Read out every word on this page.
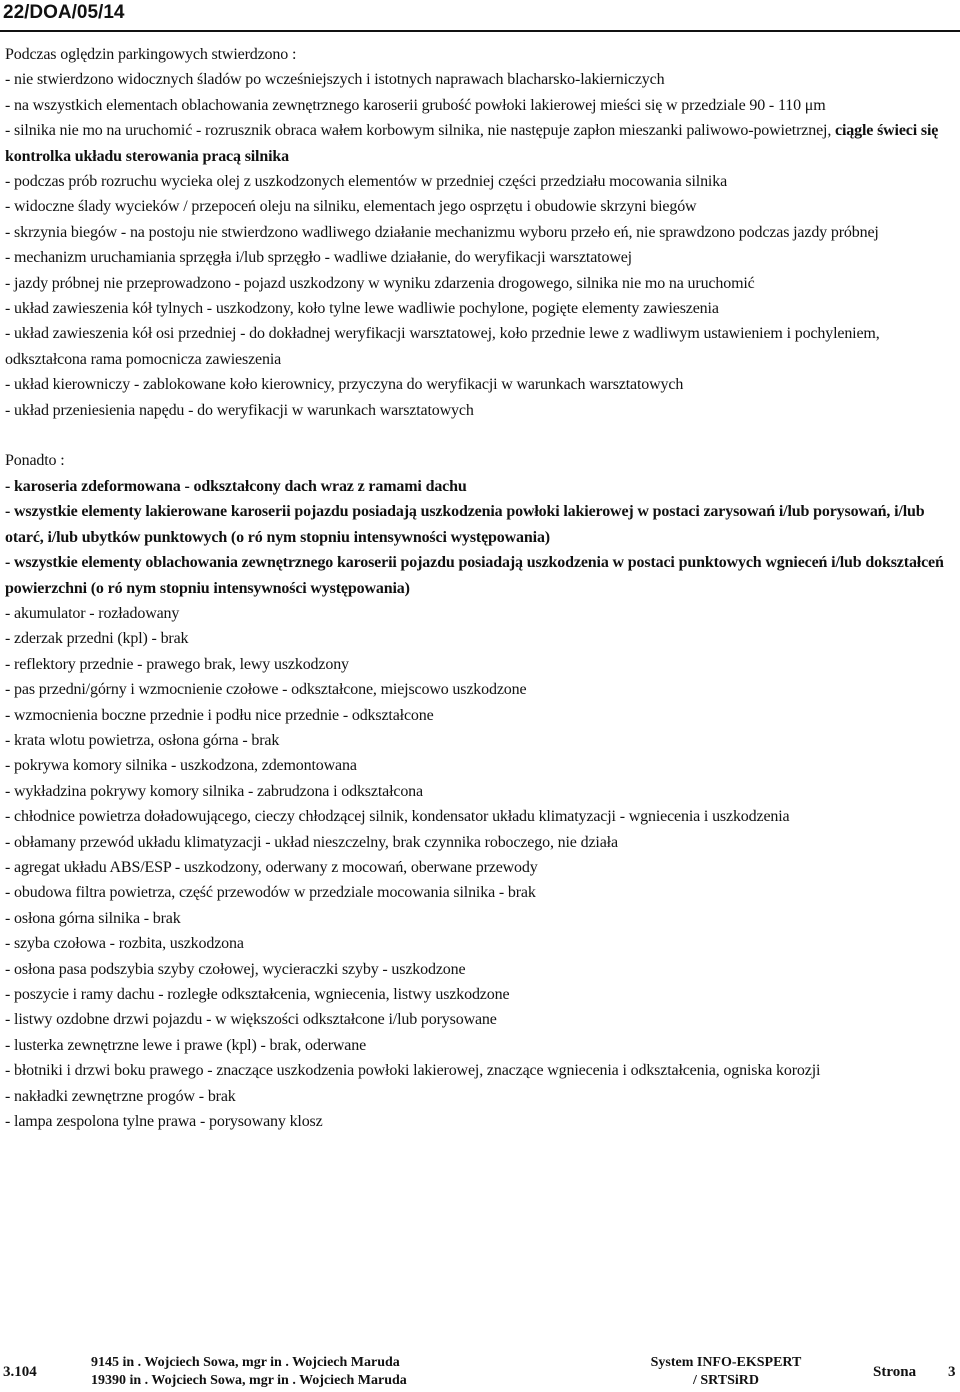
22/DOA/05/14
Podczas oględzin parkingowych stwierdzono :
- nie stwierdzono widocznych śladów po wcześniejszych i istotnych naprawach blacharsko-lakierniczych
- na wszystkich elementach oblachowania zewnętrznego karoserii grubość powłoki lakierowej mieści się w przedziale 90 - 110 μm
- silnika nie mo na uruchomić - rozrusznik obraca wałem korbowym silnika, nie następuje zapłon mieszanki paliwowo-powietrznej, ciągle świeci się kontrolka układu sterowania pracą silnika
- podczas prób rozruchu wycieka olej z uszkodzonych elementów w przedniej części przedziału mocowania silnika
- widoczne ślady wycieków / przepoceń oleju na silniku, elementach jego osprzętu i obudowie skrzyni biegów
- skrzynia biegów - na postoju nie stwierdzono wadliwego działanie mechanizmu wyboru przeło eń, nie sprawdzono podczas jazdy próbnej
- mechanizm uruchamiania sprzęgła i/lub sprzęgło - wadliwe działanie, do weryfikacji warsztatowej
- jazdy próbnej nie przeprowadzono - pojazd uszkodzony w wyniku zdarzenia drogowego, silnika nie mo na uruchomić
- układ zawieszenia kół tylnych - uszkodzony, koło tylne lewe wadliwie pochylone, pogięte elementy zawieszenia
- układ zawieszenia kół osi przedniej - do dokładnej weryfikacji warsztatowej, koło przednie lewe z wadliwym ustawieniem i pochyleniem, odkształcona rama pomocnicza zawieszenia
- układ kierowniczy - zablokowane koło kierownicy, przyczyna do weryfikacji w warunkach warsztatowych
- układ przeniesienia napędu - do weryfikacji w warunkach warsztatowych
Ponadto :
- karoseria zdeformowana - odkształcony dach wraz z ramami dachu
- wszystkie elementy lakierowane karoserii pojazdu posiadają uszkodzenia powłoki lakierowej w postaci zarysowań i/lub porysowań, i/lub otarć, i/lub ubytków punktowych (o ró nym stopniu intensywności występowania)
- wszystkie elementy oblachowania zewnętrznego karoserii pojazdu posiadają uszkodzenia w postaci punktowych wgnieceń i/lub dokształceń powierzchni (o ró nym stopniu intensywności występowania)
- akumulator - rozładowany
- zderzak przedni (kpl) - brak
- reflektory przednie - prawego brak, lewy uszkodzony
- pas przedni/górny i wzmocnienie czołowe - odkształcone, miejscowo uszkodzone
- wzmocnienia boczne przednie i podłu nice przednie - odkształcone
- krata wlotu powietrza, osłona górna - brak
- pokrywa komory silnika - uszkodzona, zdemontowana
- wykładzina pokrywy komory silnika - zabrudzona i odkształcona
- chłodnice powietrza doładowującego, cieczy chłodzącej silnik, kondensator układu klimatyzacji - wgniecenia i uszkodzenia
- obłamany przewód układu klimatyzacji - układ nieszczelny, brak czynnika roboczego, nie działa
- agregat układu ABS/ESP - uszkodzony, oderwany z mocowań, oberwane przewody
- obudowa filtra powietrza, część przewodów w przedziale mocowania silnika - brak
- osłona górna silnika - brak
- szyba czołowa - rozbita, uszkodzona
- osłona pasa podszybia szyby czołowej, wycieraczki szyby - uszkodzone
- poszycie i ramy dachu - rozległe odkształcenia, wgniecenia, listwy uszkodzone
- listwy ozdobne drzwi pojazdu - w większości odkształcone i/lub porysowane
- lusterka zewnętrzne lewe i prawe (kpl) - brak, oderwane
- błotniki i drzwi boku prawego - znaczące uszkodzenia powłoki lakierowej, znaczące wgniecenia i odkształcenia, ogniska korozji
- nakładki zewnętrzne progów - brak
- lampa zespolona tylne prawa - porysowany klosz
3.104
9145 in . Wojciech Sowa, mgr in . Wojciech Maruda
19390 in . Wojciech Sowa, mgr in . Wojciech Maruda
System INFO-EKSPERT
/ SRTSiRD
Strona 3
